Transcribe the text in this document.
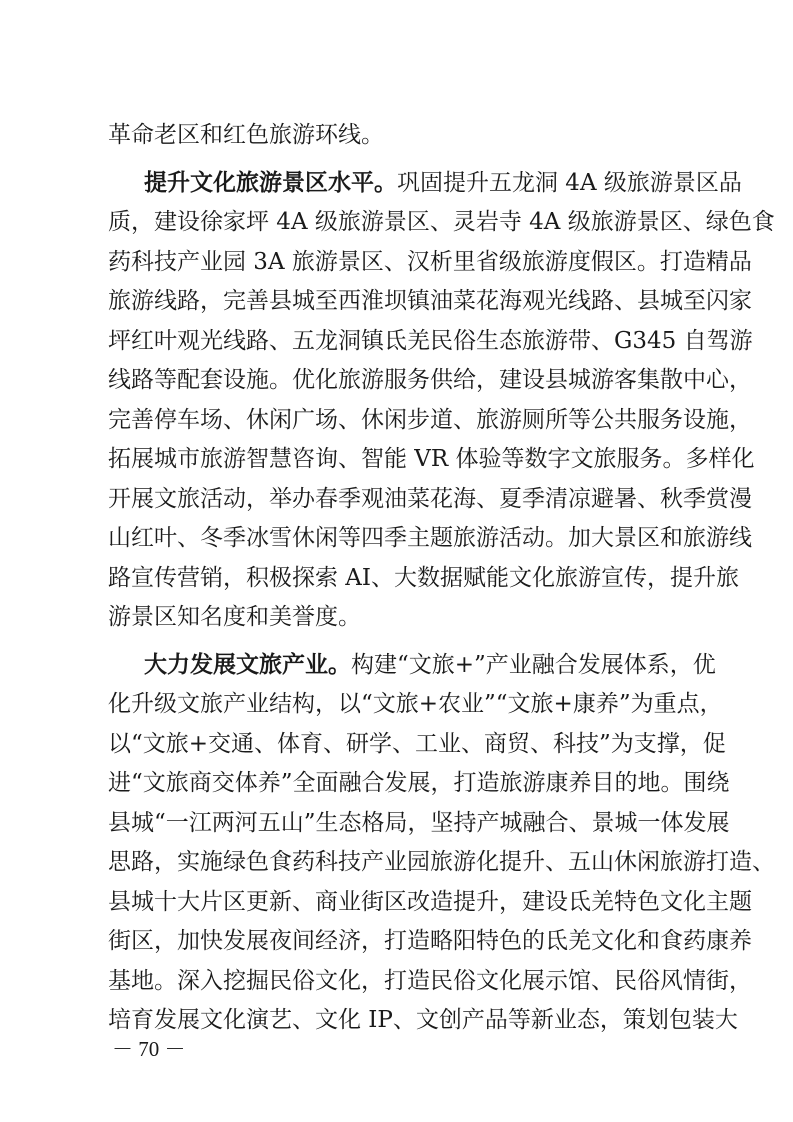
革命老区和红色旅游环线。
提升文化旅游景区水平。巩固提升五龙洞 4A 级旅游景区品
质，建设徐家坪 4A 级旅游景区、灵岩寺 4A 级旅游景区、绿色食
药科技产业园 3A 旅游景区、汉析里省级旅游度假区。打造精品
旅游线路，完善县城至西淮坝镇油菜花海观光线路、县城至闪家
坪红叶观光线路、五龙洞镇氐羌民俗生态旅游带、G345 自驾游
线路等配套设施。优化旅游服务供给，建设县城游客集散中心，
完善停车场、休闲广场、休闲步道、旅游厕所等公共服务设施，
拓展城市旅游智慧咨询、智能 VR 体验等数字文旅服务。多样化
开展文旅活动，举办春季观油菜花海、夏季清凉避暑、秋季赏漫
山红叶、冬季冰雪休闲等四季主题旅游活动。加大景区和旅游线
路宣传营销，积极探索 AI、大数据赋能文化旅游宣传，提升旅
游景区知名度和美誉度。
大力发展文旅产业。构建“文旅+”产业融合发展体系，优
化升级文旅产业结构，以“文旅+农业”“文旅+康养”为重点，
以“文旅+交通、体育、研学、工业、商贸、科技”为支撑，促
进“文旅商交体养”全面融合发展，打造旅游康养目的地。围绕
县城“一江两河五山”生态格局，坚持产城融合、景城一体发展
思路，实施绿色食药科技产业园旅游化提升、五山休闲旅游打造、
县城十大片区更新、商业街区改造提升，建设氐羌特色文化主题
街区，加快发展夜间经济，打造略阳特色的氐羌文化和食药康养
基地。深入挖掘民俗文化，打造民俗文化展示馆、民俗风情街，
培育发展文化演艺、文化 IP、文创产品等新业态，策划包装大
－ 70 －
